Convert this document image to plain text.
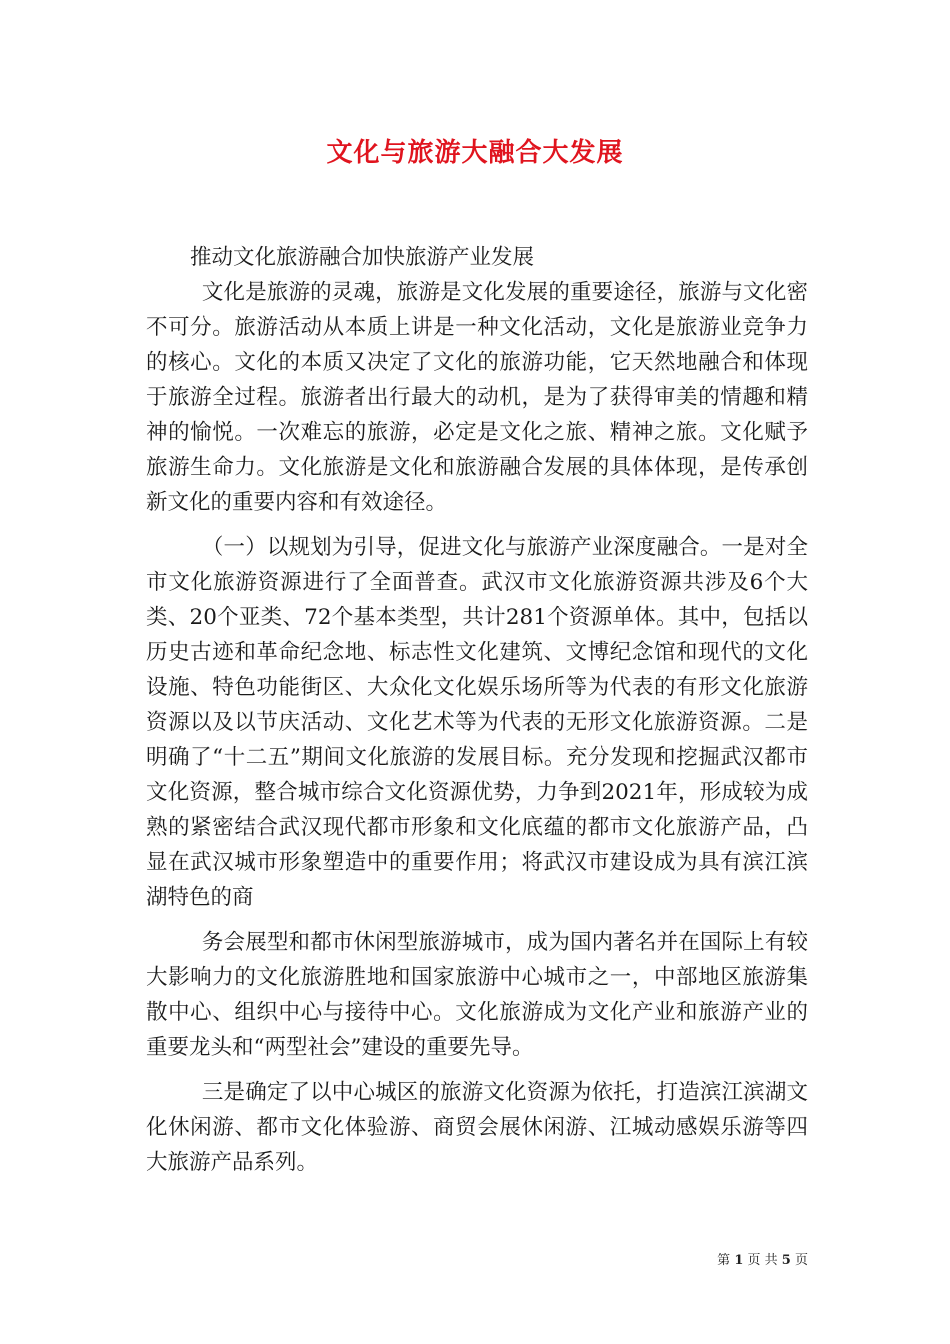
文化与旅游大融合大发展

推动文化旅游融合加快旅游产业发展

文化是旅游的灵魂，旅游是文化发展的重要途径，旅游与文化密不可分。旅游活动从本质上讲是一种文化活动，文化是旅游业竞争力的核心。文化的本质又决定了文化的旅游功能，它天然地融合和体现于旅游全过程。旅游者出行最大的动机，是为了获得审美的情趣和精神的愉悦。一次难忘的旅游，必定是文化之旅、精神之旅。文化赋予旅游生命力。文化旅游是文化和旅游融合发展的具体体现，是传承创新文化的重要内容和有效途径。

（一）以规划为引导，促进文化与旅游产业深度融合。一是对全市文化旅游资源进行了全面普查。武汉市文化旅游资源共涉及6个大类、20个亚类、72个基本类型，共计281个资源单体。其中，包括以历史古迹和革命纪念地、标志性文化建筑、文博纪念馆和现代的文化设施、特色功能街区、大众化文化娱乐场所等为代表的有形文化旅游资源以及以节庆活动、文化艺术等为代表的无形文化旅游资源。二是明确了“十二五”期间文化旅游的发展目标。充分发现和挖掘武汉都市文化资源，整合城市综合文化资源优势，力争到2021年，形成较为成熟的紧密结合武汉现代都市形象和文化底蕴的都市文化旅游产品，凸显在武汉城市形象塑造中的重要作用；将武汉市建设成为具有滨江滨湖特色的商

务会展型和都市休闲型旅游城市，成为国内著名并在国际上有较大影响力的文化旅游胜地和国家旅游中心城市之一，中部地区旅游集散中心、组织中心与接待中心。文化旅游成为文化产业和旅游产业的重要龙头和“两型社会”建设的重要先导。

三是确定了以中心城区的旅游文化资源为依托，打造滨江滨湖文化休闲游、都市文化体验游、商贸会展休闲游、江城动感娱乐游等四大旅游产品系列。

第 1 页 共 5 页
